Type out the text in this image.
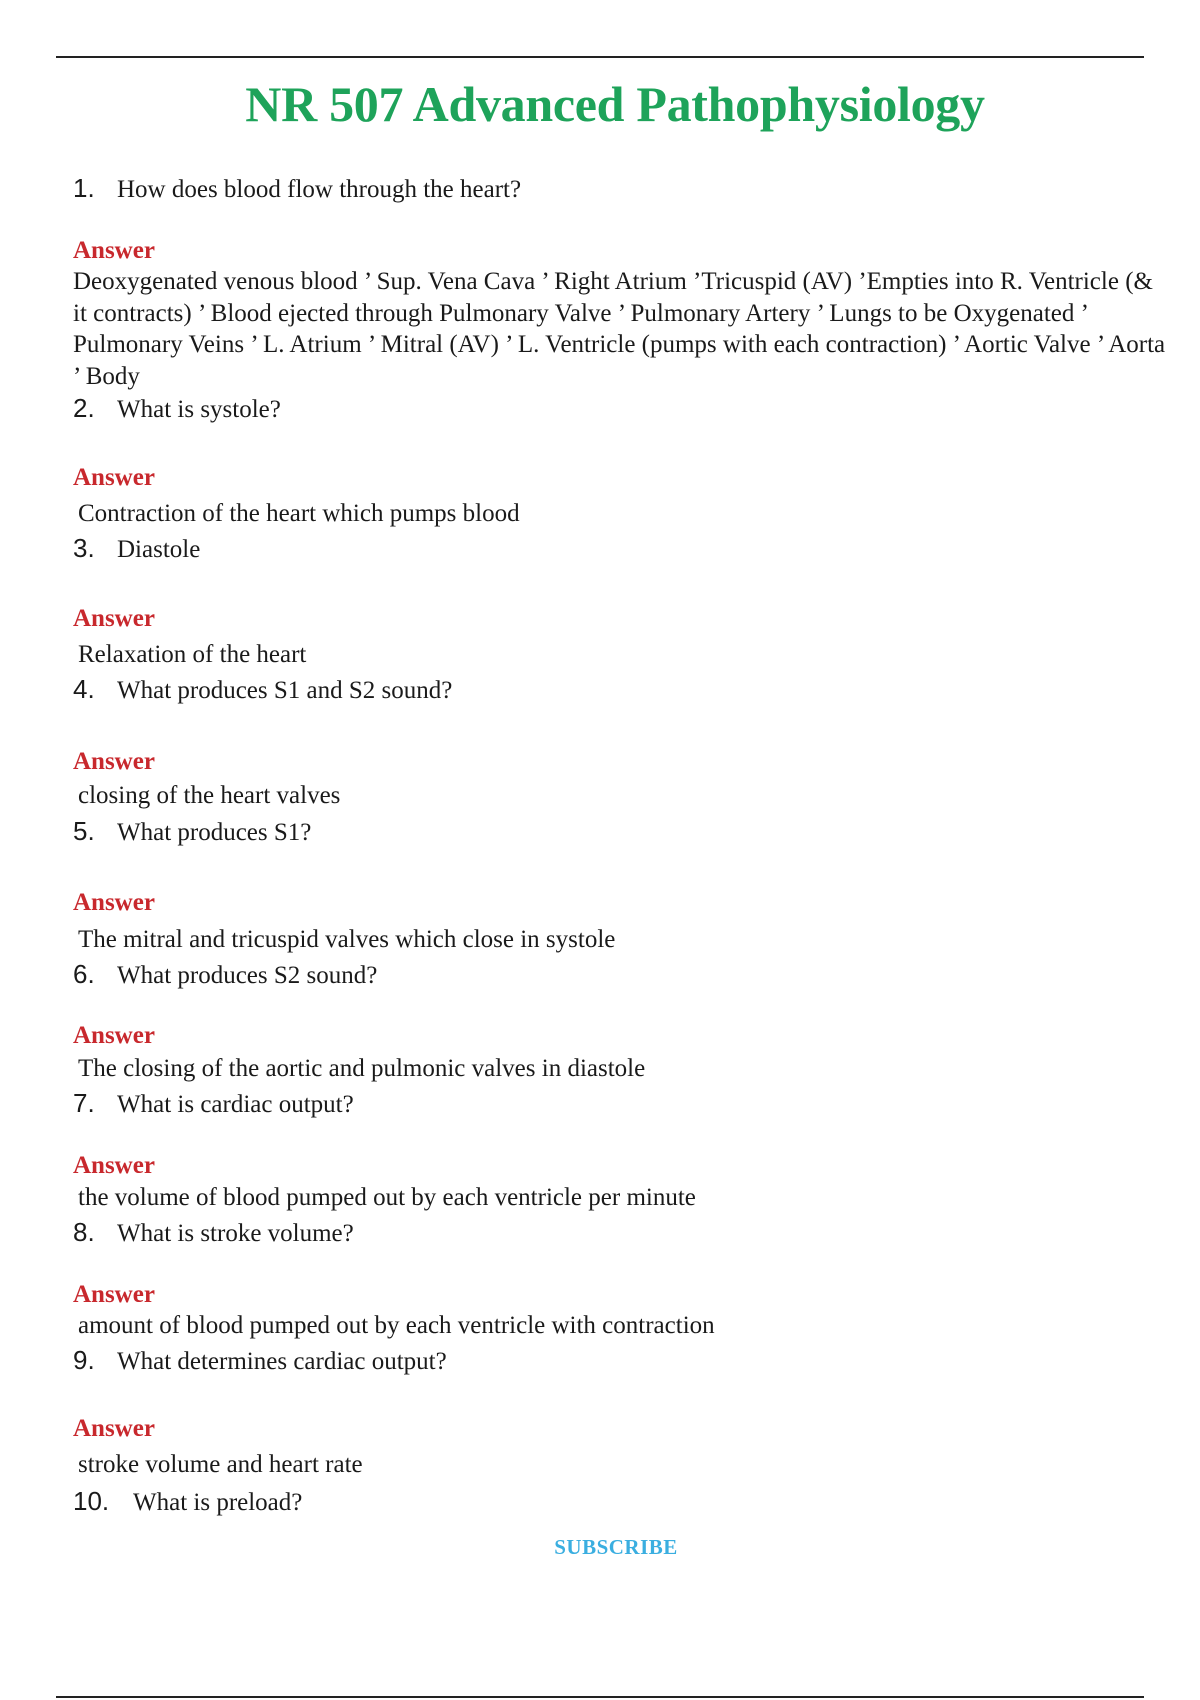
NR 507 Advanced Pathophysiology
1. How does blood flow through the heart?
Answer
Deoxygenated venous blood ’ Sup. Vena Cava ’ Right Atrium ’Tricuspid (AV) ’Empties into R. Ventricle (& it contracts) ’ Blood ejected through Pulmonary Valve ’ Pulmonary Artery ’ Lungs to be Oxygenated ’ Pulmonary Veins ’ L. Atrium ’ Mitral (AV) ’ L. Ventricle (pumps with each contraction) ’ Aortic Valve ’ Aorta ’ Body
2. What is systole?
Answer
Contraction of the heart which pumps blood
3. Diastole
Answer
Relaxation of the heart
4. What produces S1 and S2 sound?
Answer
closing of the heart valves
5. What produces S1?
Answer
The mitral and tricuspid valves which close in systole
6. What produces S2 sound?
Answer
The closing of the aortic and pulmonic valves in diastole
7. What is cardiac output?
Answer
the volume of blood pumped out by each ventricle per minute
8. What is stroke volume?
Answer
amount of blood pumped out by each ventricle with contraction
9. What determines cardiac output?
Answer
stroke volume and heart rate
10. What is preload?
SUBSCRIBE
